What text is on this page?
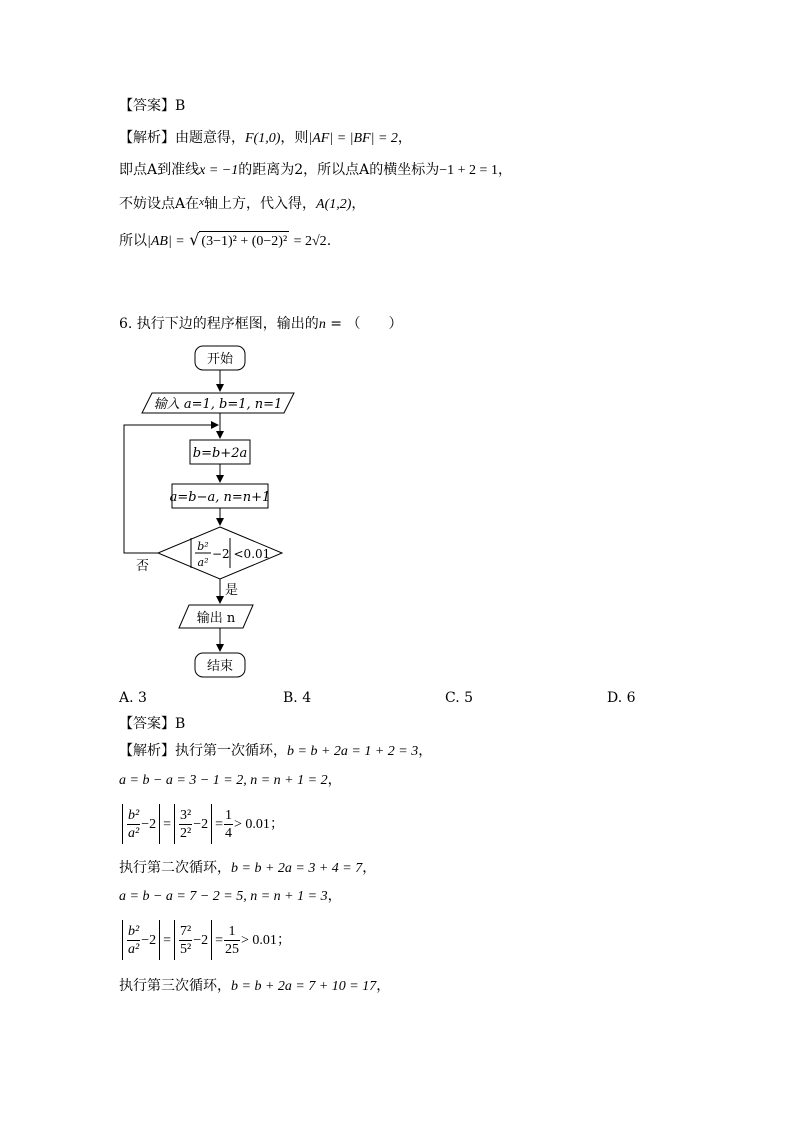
【答案】B
【解析】由题意得，F(1,0)，则|AF| = |BF| = 2，
即点A到准线x = −1的距离为2，所以点A的横坐标为−1 + 2 = 1，
不妨设点A在$^x$轴上方，代入得，A(1,2)，
所以|AB| = √ (3−1)² + (0−2)² = 2√2.
6. 执行下边的程序框图，输出的n = （　　）
开始
输入 a=1, b=1, n=1
b=b+2a
a=b−a, n=n+1
b²
a²
−2 <0.01
否
是
输出 n
结束
A. 3	B. 4	C. 5	D. 6
【答案】B
【解析】执行第一次循环，b = b + 2a = 1 + 2 = 3，
a = b − a = 3 − 1 = 2, n = n + 1 = 2，
$\frac{\text{b²}}{\text{a²}} -2 = \frac{\text{3²}}{\text{2²}} -2 = \frac{1}{4} > 0.01$；
执行第二次循环，b = b + 2a = 3 + 4 = 7，
a = b − a = 7 − 2 = 5, n = n + 1 = 3，
$\frac{\text{b²}}{\text{a²}} -2 = \frac{\text{7²}}{\text{5²}} -2 = \frac{1}{25} > 0.01$；
执行第三次循环，b = b + 2a = 7 + 10 = 17，
